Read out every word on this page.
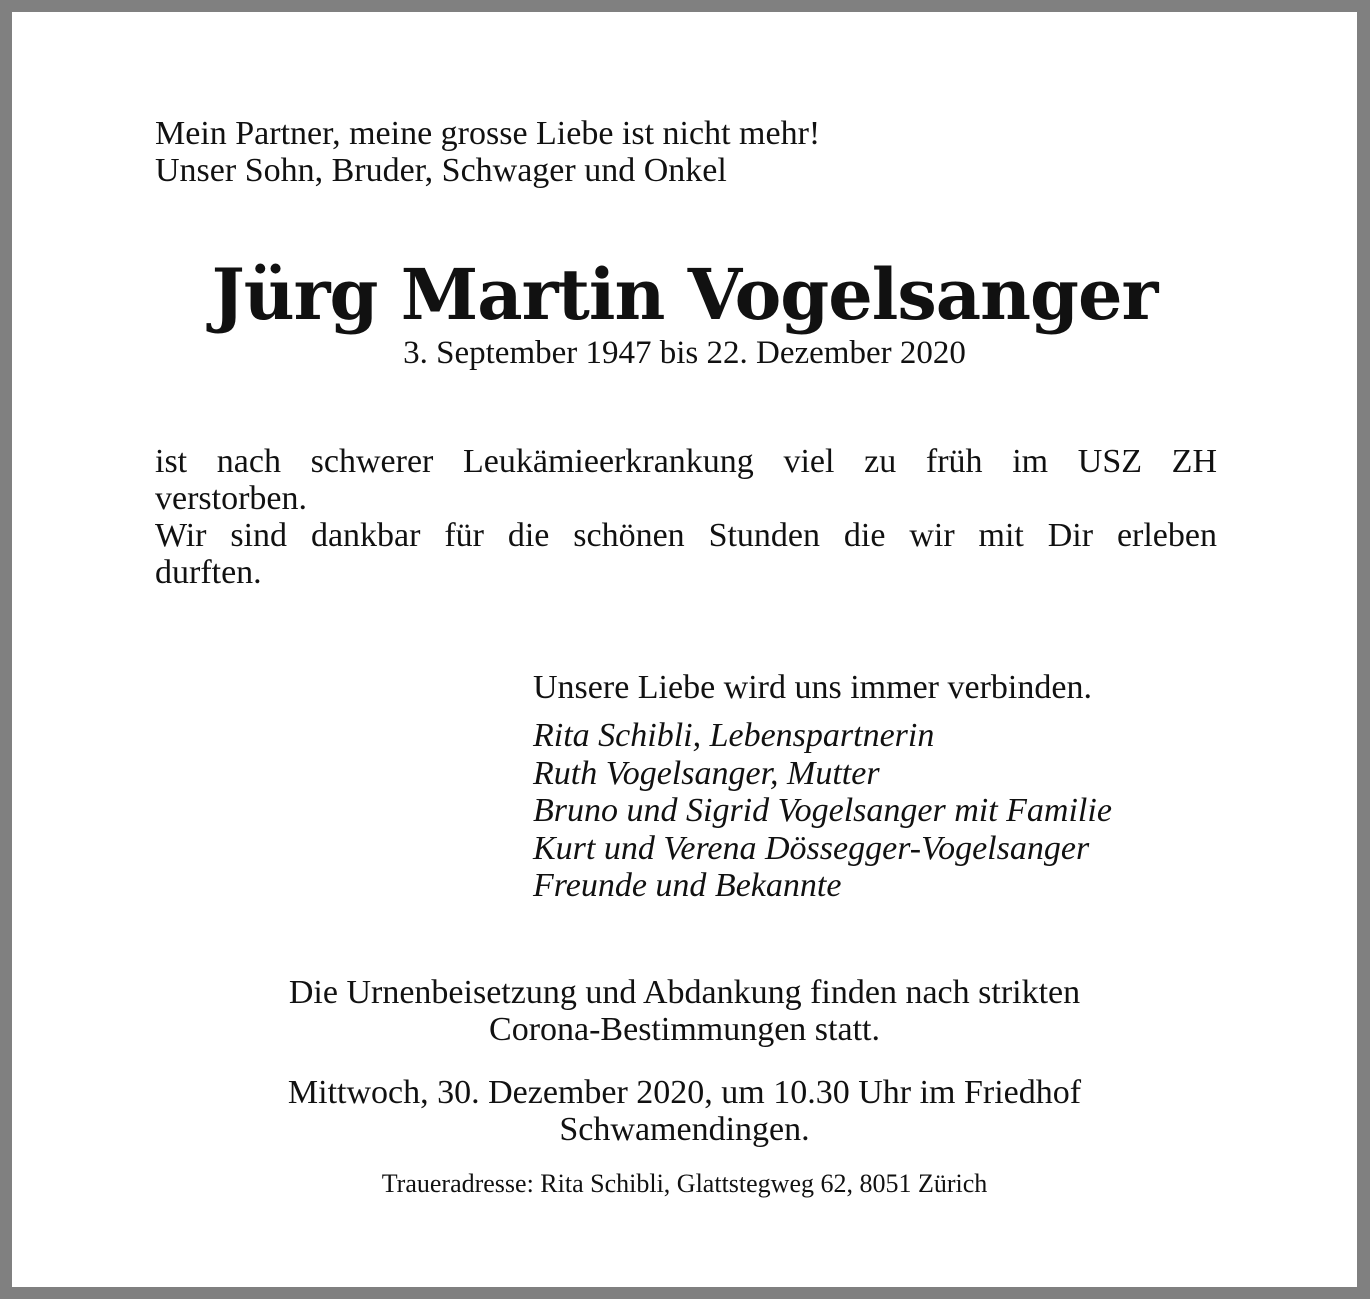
Mein Partner, meine grosse Liebe ist nicht mehr!
Unser Sohn, Bruder, Schwager und Onkel
Jürg Martin Vogelsanger
3. September 1947 bis 22. Dezember 2020

ist nach schwerer Leukämieerkrankung viel zu früh im USZ ZH

verstorben.

Wir sind dankbar für die schönen Stunden die wir mit Dir erleben

durften.

Unsere Liebe wird uns immer verbinden.
Rita Schibli, Lebenspartnerin
Ruth Vogelsanger, Mutter
Bruno und Sigrid Vogelsanger mit Familie
Kurt und Verena Dössegger-Vogelsanger
Freunde und Bekannte
Die Urnenbeisetzung und Abdankung finden nach strikten
Corona-Bestimmungen statt.
Mittwoch, 30. Dezember 2020, um 10.30 Uhr im Friedhof
Schwamendingen.
Traueradresse: Rita Schibli, Glattstegweg 62, 8051 Zürich
